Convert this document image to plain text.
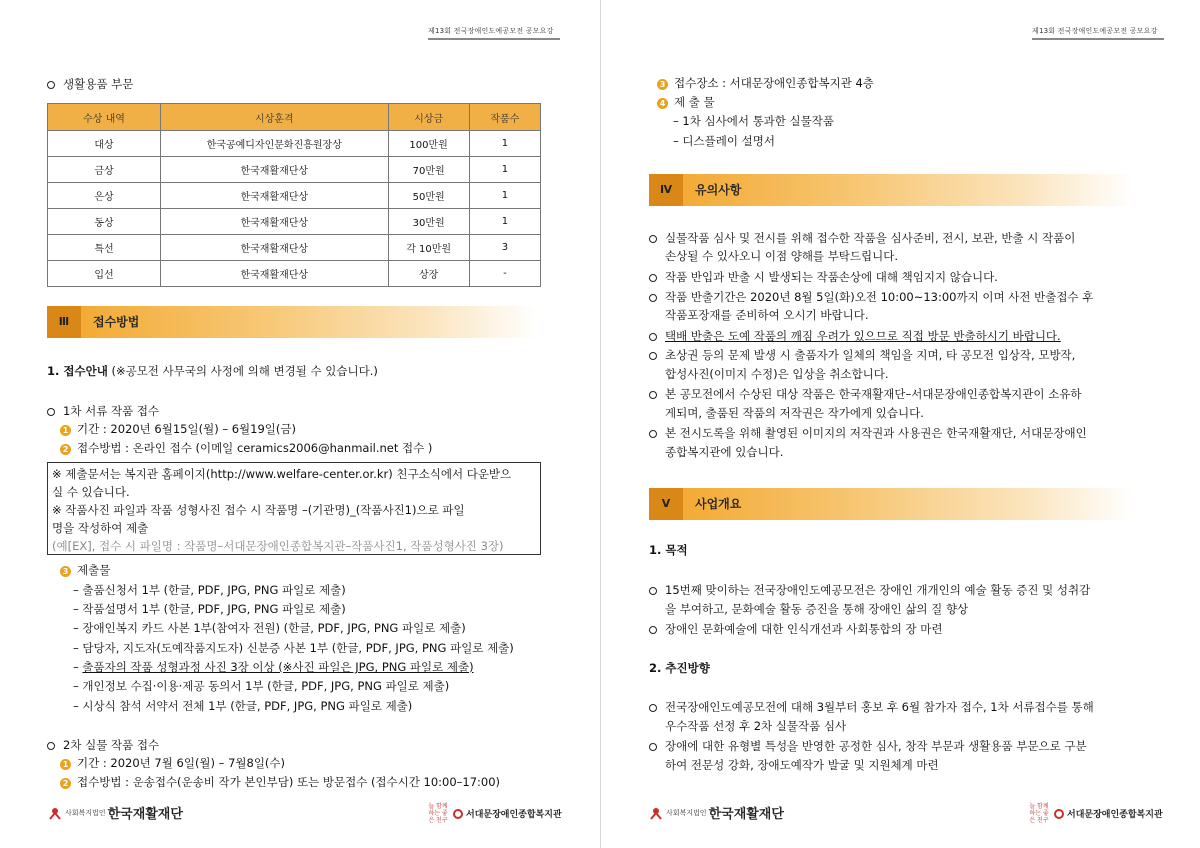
제13회 전국장애인도예공모전 공모요강
생활용품 부문
수상 내역	시상훈격	시상금	작품수
대상	한국공예디자인문화진흥원장상	100만원	1
금상	한국재활재단상	70만원	1
은상	한국재활재단상	50만원	1
동상	한국재활재단상	30만원	1
특선	한국재활재단상	각 10만원	3
입선	한국재활재단상	상장	-
Ⅲ	접수방법
1. 접수안내 (※공모전 사무국의 사정에 의해 변경될 수 있습니다.)
1차 서류 작품 접수
1 기간 : 2020년 6월15일(월) – 6월19일(금)
2 접수방법 : 온라인 접수 (이메일 ceramics2006@hanmail.net 접수 )
※ 제출문서는 복지관 홈페이지(http://www.welfare-center.or.kr) 친구소식에서 다운받으
실 수 있습니다.
※ 작품사진 파일과 작품 성형사진 접수 시 작품명 –(기관명)_(작품사진1)으로 파일
명을 작성하여 제출
(예[EX], 접수 시 파일명 : 작품명–서대문장애인종합복지관–작품사진1, 작품성형사진 3장)
3 제출물
– 출품신청서 1부 (한글, PDF, JPG, PNG 파일로 제출)
– 작품설명서 1부 (한글, PDF, JPG, PNG 파일로 제출)
– 장애인복지 카드 사본 1부(참여자 전원) (한글, PDF, JPG, PNG 파일로 제출)
– 담당자, 지도자(도예작품지도자) 신분증 사본 1부 (한글, PDF, JPG, PNG 파일로 제출)
– 출품자의 작품 성형과정 사진 3장 이상 (※사진 파일은 JPG, PNG 파일로 제출)
– 개인정보 수집·이용·제공 동의서 1부 (한글, PDF, JPG, PNG 파일로 제출)
– 시상식 참석 서약서 전체 1부 (한글, PDF, JPG, PNG 파일로 제출)
2차 실물 작품 접수
1 기간 : 2020년 7월 6일(월) – 7월8일(수)
2 접수방법 : 운송접수(운송비 작가 본인부담) 또는 방문접수 (접수시간 10:00–17:00)
사회복지법인 한국재활재단
늘 함께하는 좋은 친구
서대문장애인종합복지관
제13회 전국장애인도예공모전 공모요강
3 접수장소 : 서대문장애인종합복지관 4층
4 제 출 물
– 1차 심사에서 통과한 실물작품
– 디스플레이 설명서
Ⅳ	유의사항
실물작품 심사 및 전시를 위해 접수한 작품을 심사준비, 전시, 보관, 반출 시 작품이
손상될 수 있사오니 이점 양해를 부탁드립니다.
작품 반입과 반출 시 발생되는 작품손상에 대해 책임지지 않습니다.
작품 반출기간은 2020년 8월 5일(화)오전 10:00~13:00까지 이며 사전 반출접수 후
작품포장재를 준비하여 오시기 바랍니다.
택배 반출은 도예 작품의 깨짐 우려가 있으므로 직접 방문 반출하시기 바랍니다.
초상권 등의 문제 발생 시 출품자가 일체의 책임을 지며, 타 공모전 입상작, 모방작,
합성사진(이미지 수정)은 입상을 취소합니다.
본 공모전에서 수상된 대상 작품은 한국재활재단–서대문장애인종합복지관이 소유하
게되며, 출품된 작품의 저작권은 작가에게 있습니다.
본 전시도록을 위해 촬영된 이미지의 저작권과 사용권은 한국재활재단, 서대문장애인
종합복지관에 있습니다.
Ⅴ	사업개요
1. 목적
15번째 맞이하는 전국장애인도예공모전은 장애인 개개인의 예술 활동 증진 및 성취감
을 부여하고, 문화예술 활동 증진을 통해 장애인 삶의 질 향상
장애인 문화예술에 대한 인식개선과 사회통합의 장 마련
2. 추진방향
전국장애인도예공모전에 대해 3월부터 홍보 후 6월 참가자 접수, 1차 서류접수를 통해
우수작품 선정 후 2차 실물작품 심사
장애에 대한 유형별 특성을 반영한 공정한 심사, 창작 부문과 생활용품 부문으로 구분
하여 전문성 강화, 장애도예작가 발굴 및 지원체계 마련
사회복지법인 한국재활재단
늘 함께하는 좋은 친구
서대문장애인종합복지관
